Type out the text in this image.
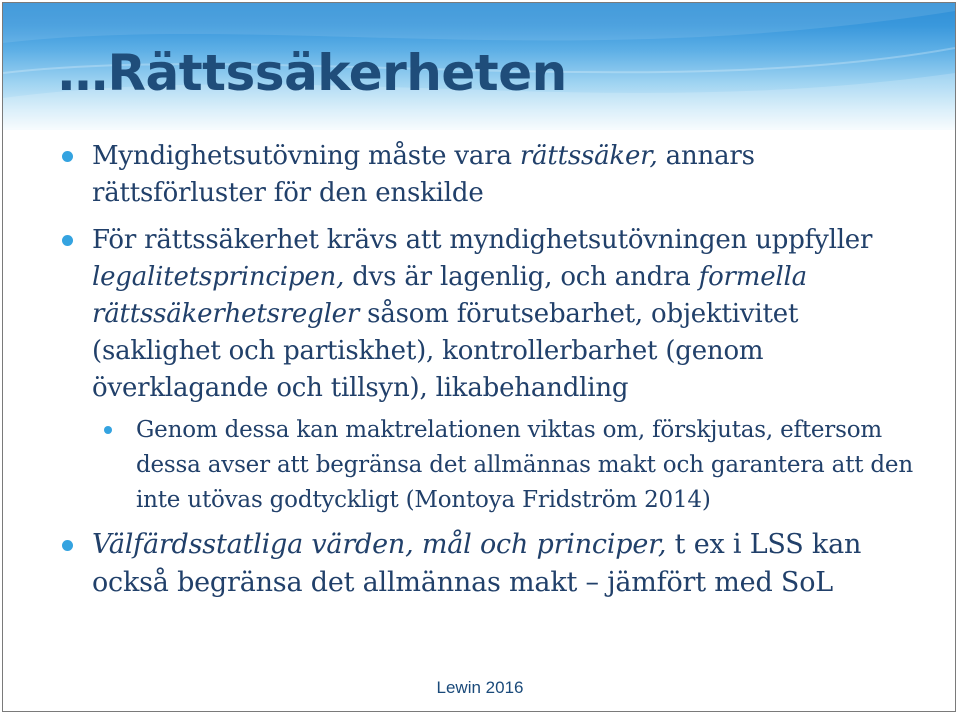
…Rättssäkerheten
Myndighetsutövning måste vara rättssäker, annars rättsförluster för den enskilde
För rättssäkerhet krävs att myndighetsutövningen uppfyller legalitetsprincipen, dvs är lagenlig, och andra formella rättssäkerhetsregler såsom förutsebarhet, objektivitet (saklighet och partiskhet), kontrollerbarhet (genom överklagande och tillsyn), likabehandling
Genom dessa kan maktrelationen viktas om, förskjutas, eftersom dessa avser att begränsa det allmännas makt och garantera att den inte utövas godtyckligt (Montoya Fridström 2014)
Välfärdsstatliga värden, mål och principer, t ex i LSS kan också begränsa det allmännas makt – jämfört med SoL
Lewin 2016
